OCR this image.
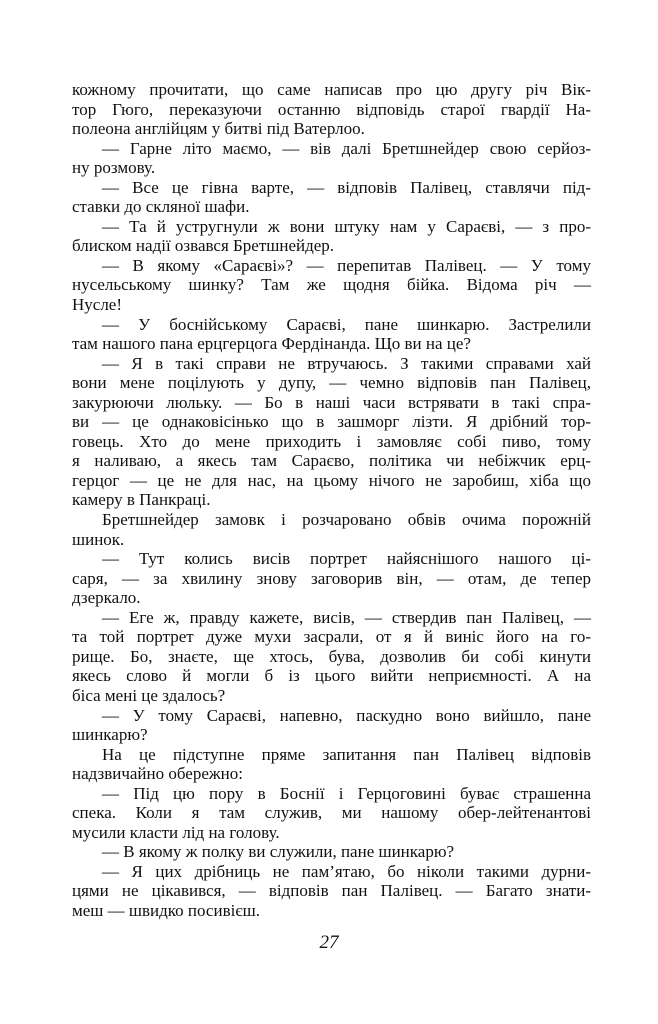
кожному прочитати, що саме написав про цю другу річ Вік-
тор Гюго, переказуючи останню відповідь старої гвардії На-
полеона англійцям у битві під Ватерлоо.
— Гарне літо маємо, — вів далі Бретшнейдер свою серйоз-
ну розмову.
— Все це гівна варте, — відповів Палівец, ставлячи під-
ставки до скляної шафи.
— Та й устругнули ж вони штуку нам у Сараєві, — з про-
блиском надії озвався Бретшнейдер.
— В якому «Сараєві»? — перепитав Палівец. — У тому
нусельському шинку? Там же щодня бійка. Відома річ —
Нусле!
— У боснійському Сараєві, пане шинкарю. Застрелили
там нашого пана ерцгерцога Фердінанда. Що ви на це?
— Я в такі справи не втручаюсь. З такими справами хай
вони мене поцілують у дупу, — чемно відповів пан Палівец,
закурюючи люльку. — Бо в наші часи встрявати в такі спра-
ви — це однаковісінько що в зашморг лізти. Я дрібний тор-
говець. Хто до мене приходить і замовляє собі пиво, тому
я наливаю, а якесь там Сараєво, політика чи небіжчик ерц-
герцог — це не для нас, на цьому нічого не заробиш, хіба що
камеру в Панкраці.
Бретшнейдер замовк і розчаровано обвів очима порожній
шинок.
— Тут колись висів портрет найяснішого нашого ці-
саря, — за хвилину знову заговорив він, — отам, де тепер
дзеркало.
— Еге ж, правду кажете, висів, — ствердив пан Палівец, —
та той портрет дуже мухи засрали, от я й виніс його на го-
рище. Бо, знаєте, ще хтось, бува, дозволив би собі кинути
якесь слово й могли б із цього вийти неприємності. А на
біса мені це здалось?
— У тому Сараєві, напевно, паскудно воно вийшло, пане
шинкарю?
На це підступне пряме запитання пан Палівец відповів
надзвичайно обережно:
— Під цю пору в Боснії і Герцоговині буває страшенна
спека. Коли я там служив, ми нашому обер-лейтенантові
мусили класти лід на голову.
— В якому ж полку ви служили, пане шинкарю?
— Я цих дрібниць не пам’ятаю, бо ніколи такими дурни-
цями не цікавився, — відповів пан Палівец. — Багато знати-
меш — швидко посивієш.
27
